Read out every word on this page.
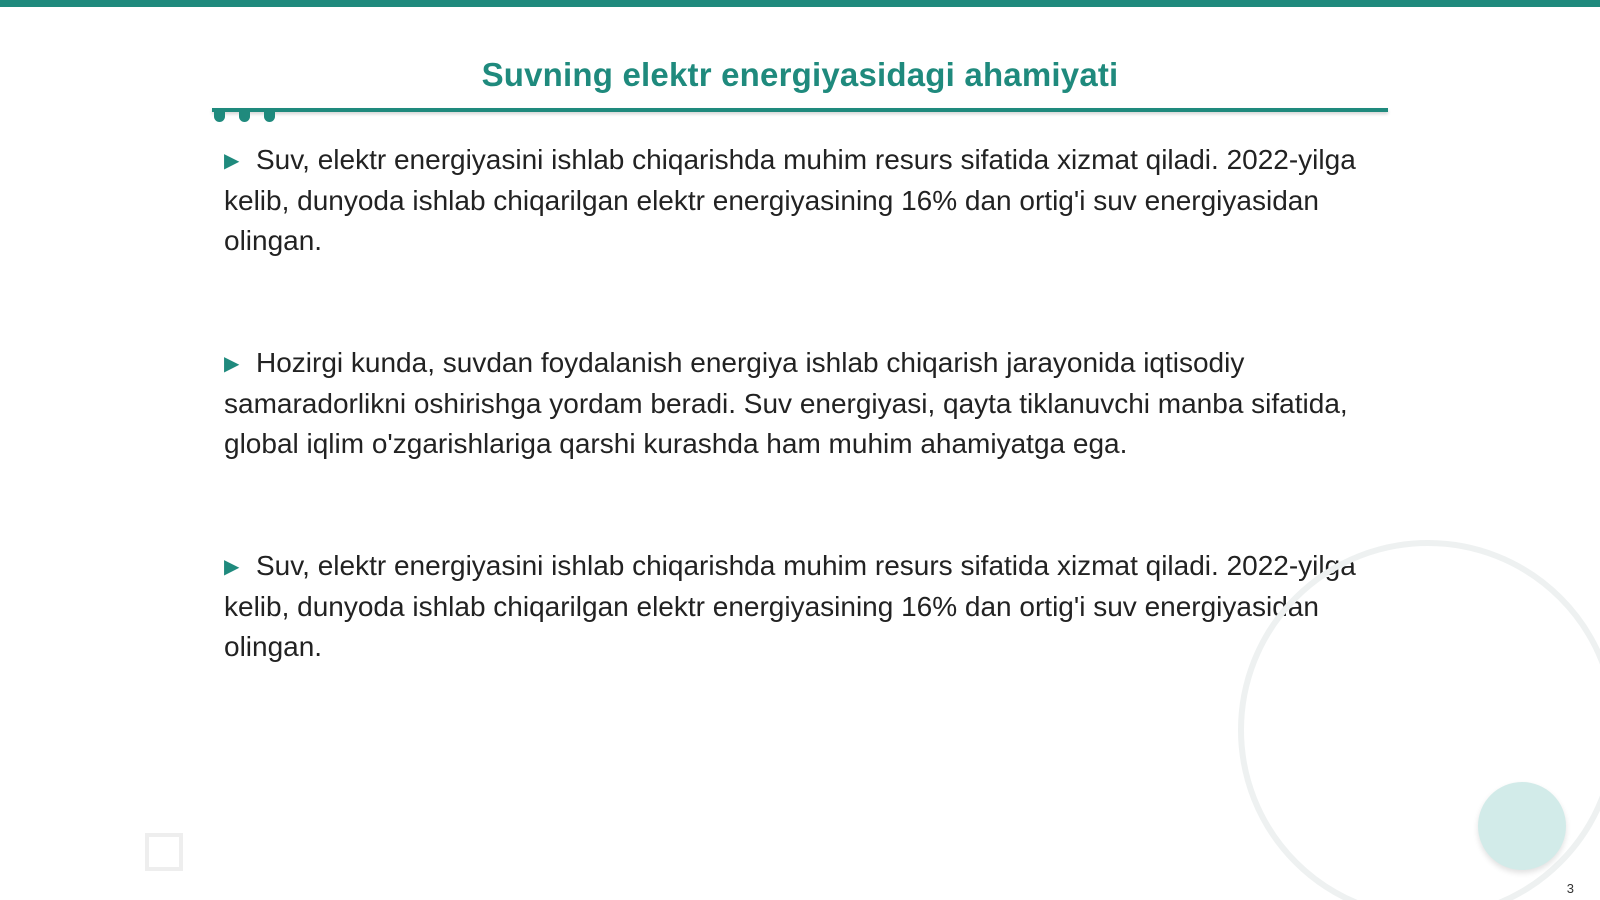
Suvning elektr energiyasidagi ahamiyati
▶ Suv, elektr energiyasini ishlab chiqarishda muhim resurs sifatida xizmat qiladi. 2022-yilga kelib, dunyoda ishlab chiqarilgan elektr energiyasining 16% dan ortig'i suv energiyasidan olingan.
▶ Hozirgi kunda, suvdan foydalanish energiya ishlab chiqarish jarayonida iqtisodiy samaradorlikni oshirishga yordam beradi. Suv energiyasi, qayta tiklanuvchi manba sifatida, global iqlim o'zgarishlariga qarshi kurashda ham muhim ahamiyatga ega.
▶ Suv, elektr energiyasini ishlab chiqarishda muhim resurs sifatida xizmat qiladi. 2022-yilga kelib, dunyoda ishlab chiqarilgan elektr energiyasining 16% dan ortig'i suv energiyasidan olingan.
3
